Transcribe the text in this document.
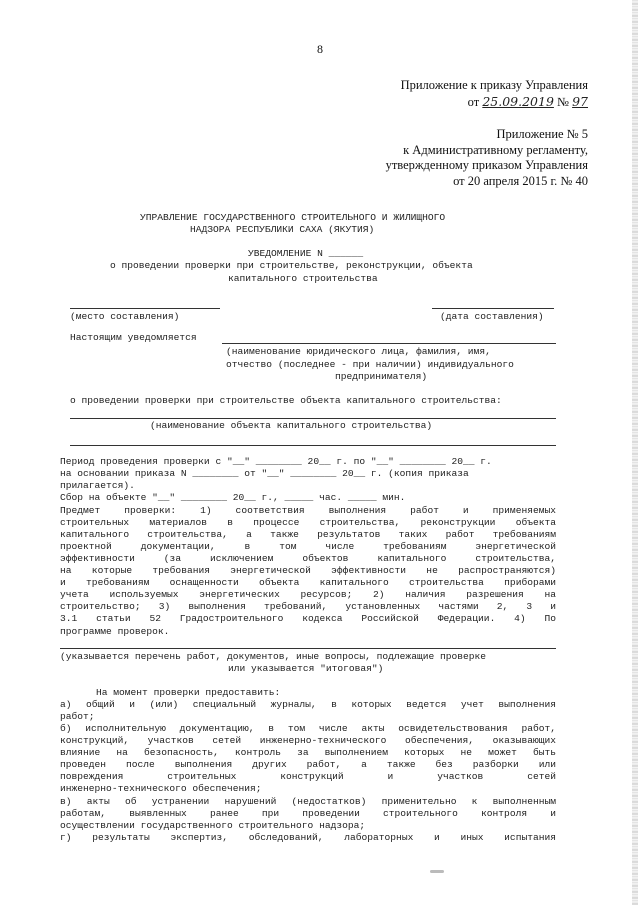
8
Приложение к приказу Управления
от 25.09.2019 № 97
Приложение № 5
к Административному регламенту,
утвержденному приказом Управления
от 20 апреля 2015 г. № 40
УПРАВЛЕНИЕ ГОСУДАРСТВЕННОГО СТРОИТЕЛЬНОГО И ЖИЛИЩНОГО
НАДЗОРА РЕСПУБЛИКИ САХА (ЯКУТИЯ)
УВЕДОМЛЕНИЕ N ______
о проведении проверки при строительстве, реконструкции, объекта
капитального строительства
(место составления)	(дата составления)
Настоящим уведомляется
(наименование юридического лица, фамилия, имя,
отчество (последнее - при наличии) индивидуального
предпринимателя)
о проведении проверки при строительстве объекта капитального строительства:
(наименование объекта капитального строительства)
Период проведения проверки с "__" ________ 20__ г. по "__" ________ 20__ г.
на основании приказа N ________ от "__" ________ 20__ г. (копия приказа
прилагается).
Сбор на объекте "__" ________ 20__ г., _____ час. _____ мин.
Предмет проверки: 1) соответствия выполнения работ и применяемых
строительных материалов в процессе строительства, реконструкции объекта
капитального строительства, а также результатов таких работ требованиям
проектной документации, в том числе требованиям энергетической
эффективности (за исключением объектов капитального строительства,
на которые требования энергетической эффективности не распространяются)
и требованиям оснащенности объекта капитального строительства приборами
учета используемых энергетических ресурсов; 2) наличия разрешения на
строительство; 3) выполнения требований, установленных частями 2, 3 и
3.1 статьи 52 Градостроительного кодекса Российской Федерации. 4) По
программе проверок.
(указывается перечень работ, документов, иные вопросы, подлежащие проверке
или указывается "итоговая")
На момент проверки предоставить:
а) общий и (или) специальный журналы, в которых ведется учет выполнения
работ;
б) исполнительную документацию, в том числе акты освидетельствования работ,
конструкций, участков сетей инженерно-технического обеспечения, оказывающих
влияние на безопасность, контроль за выполнением которых не может быть
проведен после выполнения других работ, а также без разборки или
повреждения строительных конструкций и участков сетей
инженерно-технического обеспечения;
в) акты об устранении нарушений (недостатков) применительно к выполненным
работам, выявленных ранее при проведении строительного контроля и
осуществлении государственного строительного надзора;
г) результаты экспертиз, обследований, лабораторных и иных испытания
